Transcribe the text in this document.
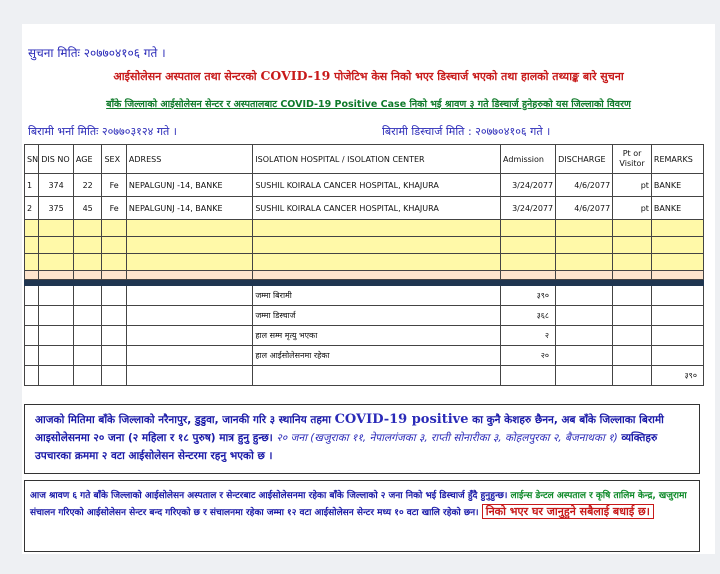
सुचना मितिः २०७७०४१०६ गते ।
आईसोलेसन अस्पताल तथा सेन्टरको COVID-19 पोजेटिभ केस निको भएर डिस्चार्ज भएको तथा हालको तथ्याङ्क बारे सुचना
बाँके जिल्लाको आईसोलेसन सेन्टर र अस्पतालबाट COVID-19 Positive Case निको भई श्रावण ३ गते डिस्चार्ज हुनेहरुको यस जिल्लाको विवरण
बिरामी भर्ना मितिः २०७७०३१२४ गते ।	बिरामी डिस्चार्ज मिति : २०७७०४१०६ गते ।
SN	DIS NO	AGE	SEX	ADRESS	ISOLATION HOSPITAL / ISOLATION CENTER	Admission	DISCHARGE	Pt or Visitor	REMARKS
1	374	22	Fe	NEPALGUNJ -14, BANKE	SUSHIL KOIRALA CANCER HOSPITAL, KHAJURA	3/24/2077	4/6/2077	pt	BANKE
2	375	45	Fe	NEPALGUNJ -14, BANKE	SUSHIL KOIRALA CANCER HOSPITAL, KHAJURA	3/24/2077	4/6/2077	pt	BANKE

					जम्मा बिरामी	३९०			
					जम्मा डिस्चार्ज	३६८			
					हाल सम्म मृत्यु भएका	२			
					हाल आईसोलेसनमा रहेका	२०			
									३९०
आजको मितिमा बाँके जिल्लाको नरैनापुर, डुडुवा, जानकी गरि ३ स्थानिय तहमा COVID-19 positive का कुनै केशहरु छैनन, अब बाँके जिल्लाका बिरामी आइसोलेसनमा २० जना (२ महिला र १८ पुरुष) मात्र हुनु हुन्छ। २० जना (खजुराका ११, नेपालगंजका ३, राप्ती सोनारीका ३, कोहलपुरका २, बैजनाथका १) व्यक्तिहरु उपचारका क्रममा २ वटा आईसोलेसन सेन्टरमा रहनु भएको छ ।
आज श्रावण ६ गते बाँके जिल्लाको आईसोलेसन अस्पताल र सेन्टरबाट आईसोलेसनमा रहेका बाँके जिल्लाको २ जना निको भई डिस्चार्ज हुँदै हुनुहुन्छ। लाईन्स डेन्टल अस्पताल र कृषि तालिम केन्द्र, खजुरामा संचालन गरिएको आईसोलेसन सेन्टर बन्द गरिएको छ र संचालनमा रहेका जम्मा १२ वटा आईसोलेसन सेन्टर मध्य १० वटा खालि रहेको छन। निको भएर घर जानुहुने सबैलाई बधाई छ।
